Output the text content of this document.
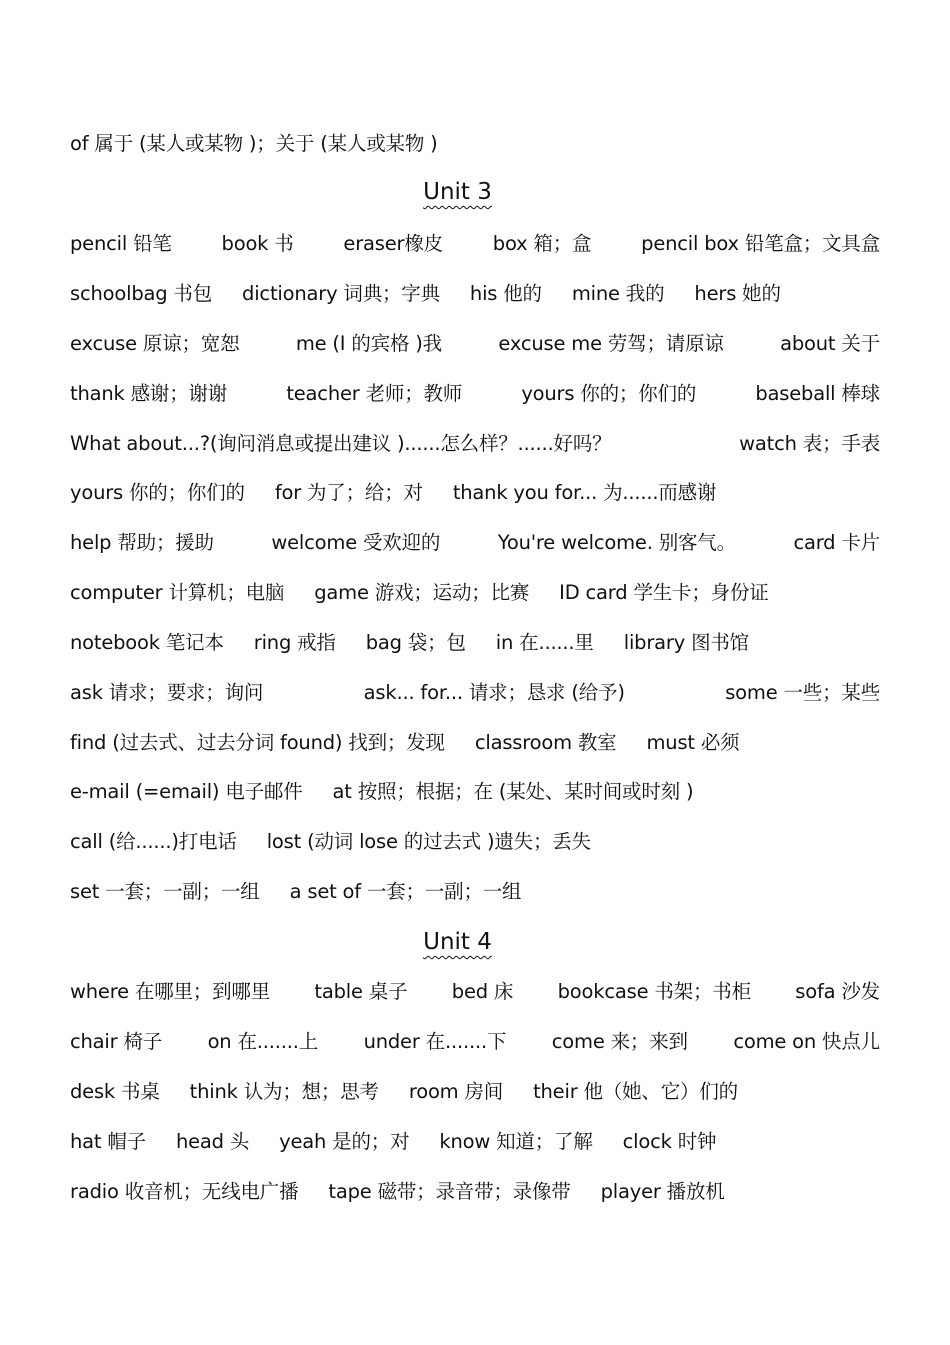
of 属于 (某人或某物 )；关于 (某人或某物 )
Unit 3
pencil 铅笔	book 书	eraser橡皮	box 箱；盒	pencil box 铅笔盒；文具盒
schoolbag 书包 dictionary 词典；字典 his 他的 mine 我的 hers 她的
excuse 原谅；宽恕	me (I 的宾格 )我	excuse me 劳驾；请原谅	about 关于
thank 感谢；谢谢	teacher 老师；教师	yours 你的；你们的	baseball 棒球
What about...?(询问消息或提出建议 )......怎么样？......好吗？	watch 表；手表
yours 你的；你们的 for 为了；给；对 thank you for... 为......而感谢
help 帮助；援助	welcome 受欢迎的	You're welcome. 别客气。	card 卡片
computer 计算机；电脑 game 游戏；运动；比赛 ID card 学生卡；身份证
notebook 笔记本 ring 戒指 bag 袋；包 in 在......里 library 图书馆
ask 请求；要求；询问	ask... for... 请求；恳求 (给予)	some 一些；某些
find (过去式、过去分词 found) 找到；发现 classroom 教室 must 必须
e-mail (=email) 电子邮件 at 按照；根据；在 (某处、某时间或时刻 )
call (给......)打电话 lost (动词 lose 的过去式 )遗失；丢失
set 一套；一副；一组 a set of 一套；一副；一组
Unit 4
where 在哪里；到哪里 table 桌子 bed 床 bookcase 书架；书柜 sofa 沙发
chair 椅子 on 在.......上 under 在.......下 come 来；来到 come on 快点儿
desk 书桌 think 认为；想；思考 room 房间 their 他（她、它）们的
hat 帽子 head 头 yeah 是的；对 know 知道；了解 clock 时钟
radio 收音机；无线电广播 tape 磁带；录音带；录像带 player 播放机
